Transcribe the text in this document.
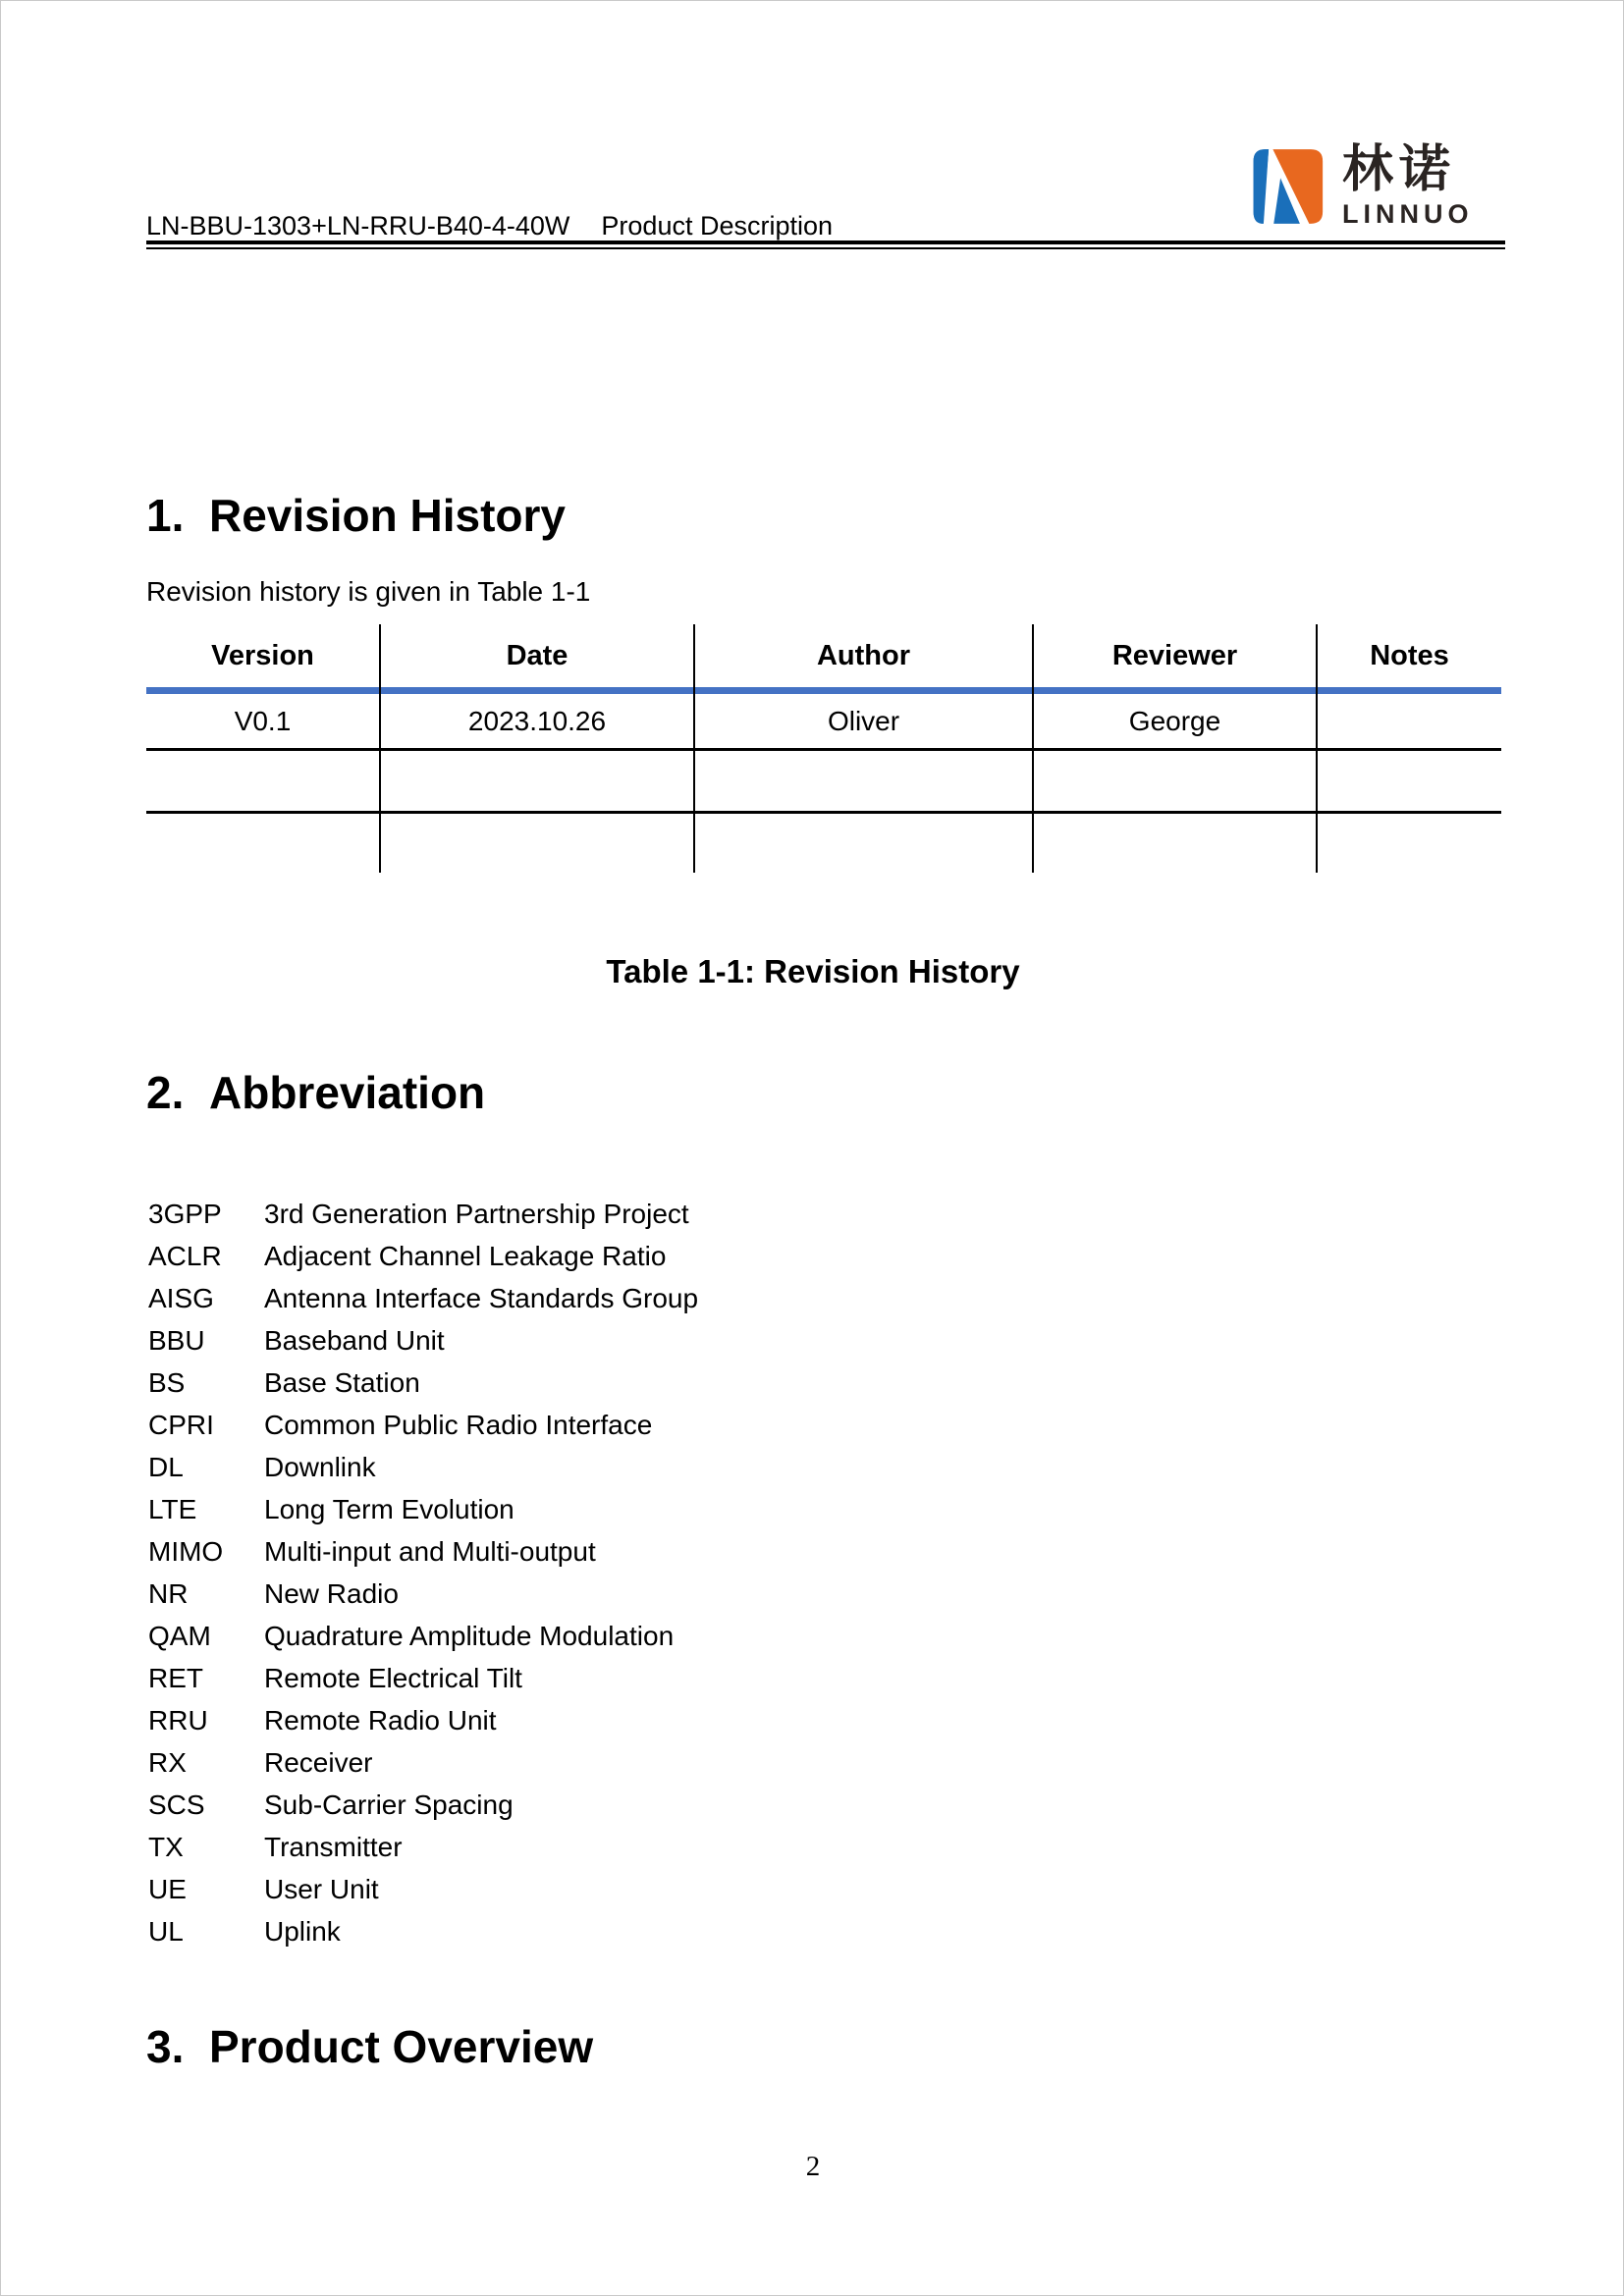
LN-BBU-1303+LN-RRU-B40-4-40W Product Description
林诺
LINNUO
1. Revision History
Revision history is given in Table 1-1
Version	Date	Author	Reviewer	Notes

V0.1	2023.10.26	Oliver	George	

Table 1-1: Revision History
2. Abbreviation
3GPP	3rd Generation Partnership Project
ACLR	Adjacent Channel Leakage Ratio
AISG	Antenna Interface Standards Group
BBU	Baseband Unit
BS	Base Station
CPRI	Common Public Radio Interface
DL	Downlink
LTE	Long Term Evolution
MIMO	Multi-input and Multi-output
NR	New Radio
QAM	Quadrature Amplitude Modulation
RET	Remote Electrical Tilt
RRU	Remote Radio Unit
RX	Receiver
SCS	Sub-Carrier Spacing
TX	Transmitter
UE	User Unit
UL	Uplink
3. Product Overview
2
